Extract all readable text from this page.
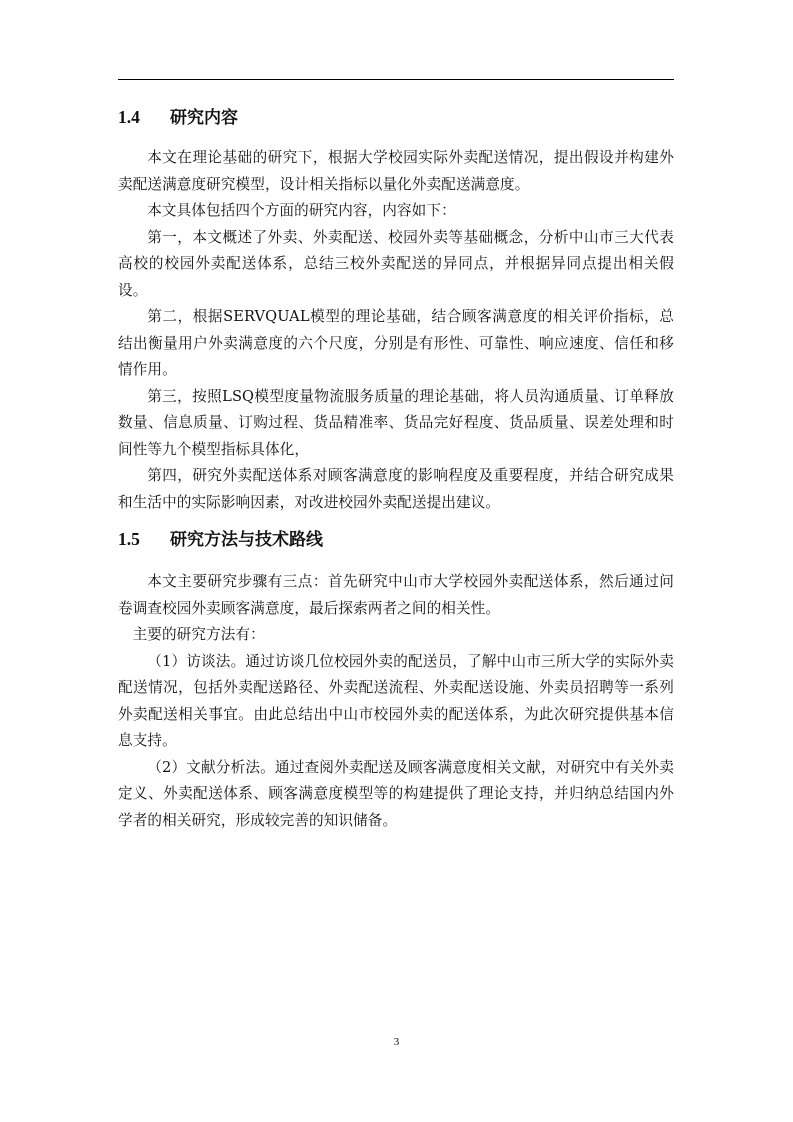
1.4	研究内容

本文在理论基础的研究下，根据大学校园实际外卖配送情况，提出假设并构建外卖配送满意度研究模型，设计相关指标以量化外卖配送满意度。

本文具体包括四个方面的研究内容，内容如下：

第一，本文概述了外卖、外卖配送、校园外卖等基础概念，分析中山市三大代表高校的校园外卖配送体系，总结三校外卖配送的异同点，并根据异同点提出相关假设。

第二，根据SERVQUAL模型的理论基础，结合顾客满意度的相关评价指标，总结出衡量用户外卖满意度的六个尺度，分别是有形性、可靠性、响应速度、信任和移情作用。

第三，按照LSQ模型度量物流服务质量的理论基础，将人员沟通质量、订单释放数量、信息质量、订购过程、货品精准率、货品完好程度、货品质量、误差处理和时间性等九个模型指标具体化，

第四，研究外卖配送体系对顾客满意度的影响程度及重要程度，并结合研究成果和生活中的实际影响因素，对改进校园外卖配送提出建议。

1.5	研究方法与技术路线

本文主要研究步骤有三点：首先研究中山市大学校园外卖配送体系，然后通过问卷调查校园外卖顾客满意度，最后探索两者之间的相关性。

主要的研究方法有：

（1）访谈法。通过访谈几位校园外卖的配送员，了解中山市三所大学的实际外卖配送情况，包括外卖配送路径、外卖配送流程、外卖配送设施、外卖员招聘等一系列外卖配送相关事宜。由此总结出中山市校园外卖的配送体系，为此次研究提供基本信息支持。

（2）文献分析法。通过查阅外卖配送及顾客满意度相关文献，对研究中有关外卖定义、外卖配送体系、顾客满意度模型等的构建提供了理论支持，并归纳总结国内外学者的相关研究，形成较完善的知识储备。

3
